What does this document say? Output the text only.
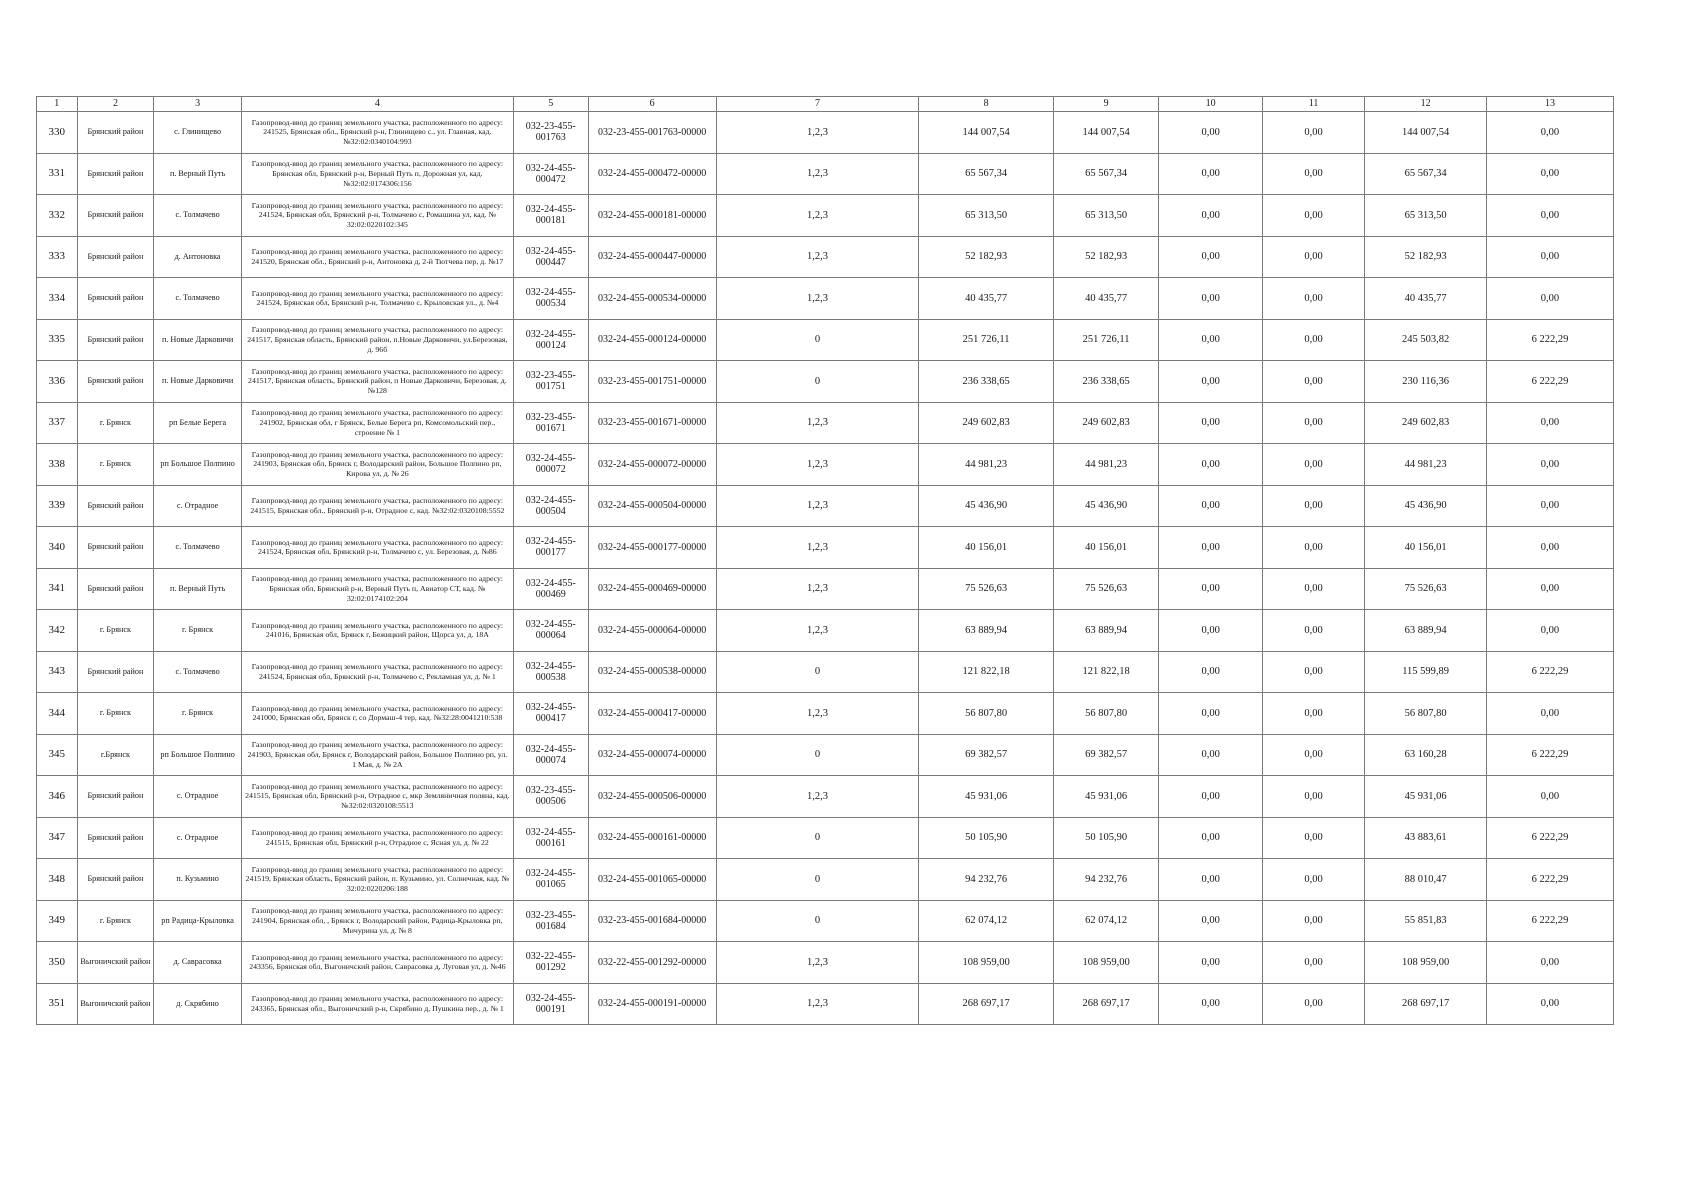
1	2	3	4	5	6	7	8	9	10	11	12	13
330	Брянский район	с. Глинищево	Газопровод-ввод до границ земельного участка, расположенного по адресу: 241525, Брянская обл., Брянский р-н, Глинищево с., ул. Главная, кад. №32:02:0340104:993	032-23-455-001763	032-23-455-001763-00000	1,2,3	144 007,54	144 007,54	0,00	0,00	144 007,54	0,00
331	Брянский район	п. Верный Путь	Газопровод-ввод до границ земельного участка, расположенного по адресу: Брянская обл, Брянский р-н, Верный Путь п, Дорожная ул, кад. №32:02:0174306:156	032-24-455-000472	032-24-455-000472-00000	1,2,3	65 567,34	65 567,34	0,00	0,00	65 567,34	0,00
332	Брянский район	с. Толмачево	Газопровод-ввод до границ земельного участка, расположенного по адресу: 241524, Брянская обл, Брянский р-н, Толмачево с, Ромашина ул, кад. № 32:02:0220102:345	032-24-455-000181	032-24-455-000181-00000	1,2,3	65 313,50	65 313,50	0,00	0,00	65 313,50	0,00
333	Брянский район	д. Антоновка	Газопровод-ввод до границ земельного участка, расположенного по адресу: 241520, Брянская обл., Брянский р-н, Антоновка д, 2-й Тютчева пер, д. №17	032-24-455-000447	032-24-455-000447-00000	1,2,3	52 182,93	52 182,93	0,00	0,00	52 182,93	0,00
334	Брянский район	с. Толмачево	Газопровод-ввод до границ земельного участка, расположенного по адресу: 241524, Брянская обл, Брянский р-н, Толмачево с, Крыловская ул., д. №4	032-24-455-000534	032-24-455-000534-00000	1,2,3	40 435,77	40 435,77	0,00	0,00	40 435,77	0,00
335	Брянский район	п. Новые Дарковичи	Газопровод-ввод до границ земельного участка, расположенного по адресу: 241517, Брянская область, Брянский район, п.Новые Дарковичи, ул.Березовая, д. 96б	032-24-455-000124	032-24-455-000124-00000	0	251 726,11	251 726,11	0,00	0,00	245 503,82	6 222,29
336	Брянский район	п. Новые Дарковичи	Газопровод-ввод до границ земельного участка, расположенного по адресу: 241517, Брянская область, Брянский район, п Новые Дарковичи, Березовая, д. №128	032-23-455-001751	032-23-455-001751-00000	0	236 338,65	236 338,65	0,00	0,00	230 116,36	6 222,29
337	г. Брянск	рп Белые Берега	Газопровод-ввод до границ земельного участка, расположенного по адресу: 241902, Брянская обл, г Брянск, Белые Берега рп, Комсомольский пер., строение № 1	032-23-455-001671	032-23-455-001671-00000	1,2,3	249 602,83	249 602,83	0,00	0,00	249 602,83	0,00
338	г. Брянск	рп Большое Полпино	Газопровод-ввод до границ земельного участка, расположенного по адресу: 241903, Брянская обл, Брянск г, Володарский район, Большое Полпино рп, Кирова ул, д. № 26	032-24-455-000072	032-24-455-000072-00000	1,2,3	44 981,23	44 981,23	0,00	0,00	44 981,23	0,00
339	Брянский район	с. Отрадное	Газопровод-ввод до границ земельного участка, расположенного по адресу: 241515, Брянская обл., Брянский р-н, Отрадное с, кад. №32:02:0320108:5552	032-24-455-000504	032-24-455-000504-00000	1,2,3	45 436,90	45 436,90	0,00	0,00	45 436,90	0,00
340	Брянский район	с. Толмачево	Газопровод-ввод до границ земельного участка, расположенного по адресу: 241524, Брянская обл, Брянский р-н, Толмачево с, ул. Березовая, д. №86	032-24-455-000177	032-24-455-000177-00000	1,2,3	40 156,01	40 156,01	0,00	0,00	40 156,01	0,00
341	Брянский район	п. Верный Путь	Газопровод-ввод до границ земельного участка, расположенного по адресу: Брянская обл, Брянский р-н, Верный Путь п, Авиатор СТ, кад. № 32:02:0174102:204	032-24-455-000469	032-24-455-000469-00000	1,2,3	75 526,63	75 526,63	0,00	0,00	75 526,63	0,00
342	г. Брянск	г. Брянск	Газопровод-ввод до границ земельного участка, расположенного по адресу: 241016, Брянская обл, Брянск г, Бежицкий район, Щорса ул, д. 18А	032-24-455-000064	032-24-455-000064-00000	1,2,3	63 889,94	63 889,94	0,00	0,00	63 889,94	0,00
343	Брянский район	с. Толмачево	Газопровод-ввод до границ земельного участка, расположенного по адресу: 241524, Брянская обл, Брянский р-н, Толмачево с, Рекламная ул, д. № 1	032-24-455-000538	032-24-455-000538-00000	0	121 822,18	121 822,18	0,00	0,00	115 599,89	6 222,29
344	г. Брянск	г. Брянск	Газопровод-ввод до границ земельного участка, расположенного по адресу: 241000, Брянская обл, Брянск г, со Дормаш-4 тер, кад. №32:28:0041210:538	032-24-455-000417	032-24-455-000417-00000	1,2,3	56 807,80	56 807,80	0,00	0,00	56 807,80	0,00
345	г.Брянск	рп Большое Полпино	Газопровод-ввод до границ земельного участка, расположенного по адресу: 241903, Брянская обл, Брянск г, Володарский район, Большое Полпино рп, ул. 1 Мая, д. № 2А	032-24-455-000074	032-24-455-000074-00000	0	69 382,57	69 382,57	0,00	0,00	63 160,28	6 222,29
346	Брянский район	с. Отрадное	Газопровод-ввод до границ земельного участка, расположенного по адресу: 241515, Брянская обл, Брянский р-н, Отрадное с, мкр Земляничная поляна, кад. №32:02:0320108:5513	032-23-455-000506	032-24-455-000506-00000	1,2,3	45 931,06	45 931,06	0,00	0,00	45 931,06	0,00
347	Брянский район	с. Отрадное	Газопровод-ввод до границ земельного участка, расположенного по адресу: 241515, Брянская обл, Брянский р-н, Отрадное с, Ясная ул, д. № 22	032-24-455-000161	032-24-455-000161-00000	0	50 105,90	50 105,90	0,00	0,00	43 883,61	6 222,29
348	Брянский район	п. Кузьмино	Газопровод-ввод до границ земельного участка, расположенного по адресу: 241519, Брянская область, Брянский район, п. Кузьмино, ул. Солнечная, кад. № 32:02:0220206:188	032-24-455-001065	032-24-455-001065-00000	0	94 232,76	94 232,76	0,00	0,00	88 010,47	6 222,29
349	г. Брянск	рп Радица-Крыловка	Газопровод-ввод до границ земельного участка, расположенного по адресу: 241904, Брянская обл, , Брянск г, Володарский район, Радица-Крыловка рп, Мичурина ул, д. № 8	032-23-455-001684	032-23-455-001684-00000	0	62 074,12	62 074,12	0,00	0,00	55 851,83	6 222,29
350	Выгоничский район	д. Саврасовка	Газопровод-ввод до границ земельного участка, расположенного по адресу: 243356, Брянская обл, Выгоничский район, Саврасовка д, Луговая ул, д. №46	032-22-455-001292	032-22-455-001292-00000	1,2,3	108 959,00	108 959,00	0,00	0,00	108 959,00	0,00
351	Выгоничский район	д. Скрябино	Газопровод-ввод до границ земельного участка, расположенного по адресу: 243365, Брянская обл., Выгоничский р-н, Скрябино д, Пушкина пер., д. № 1	032-24-455-000191	032-24-455-000191-00000	1,2,3	268 697,17	268 697,17	0,00	0,00	268 697,17	0,00
